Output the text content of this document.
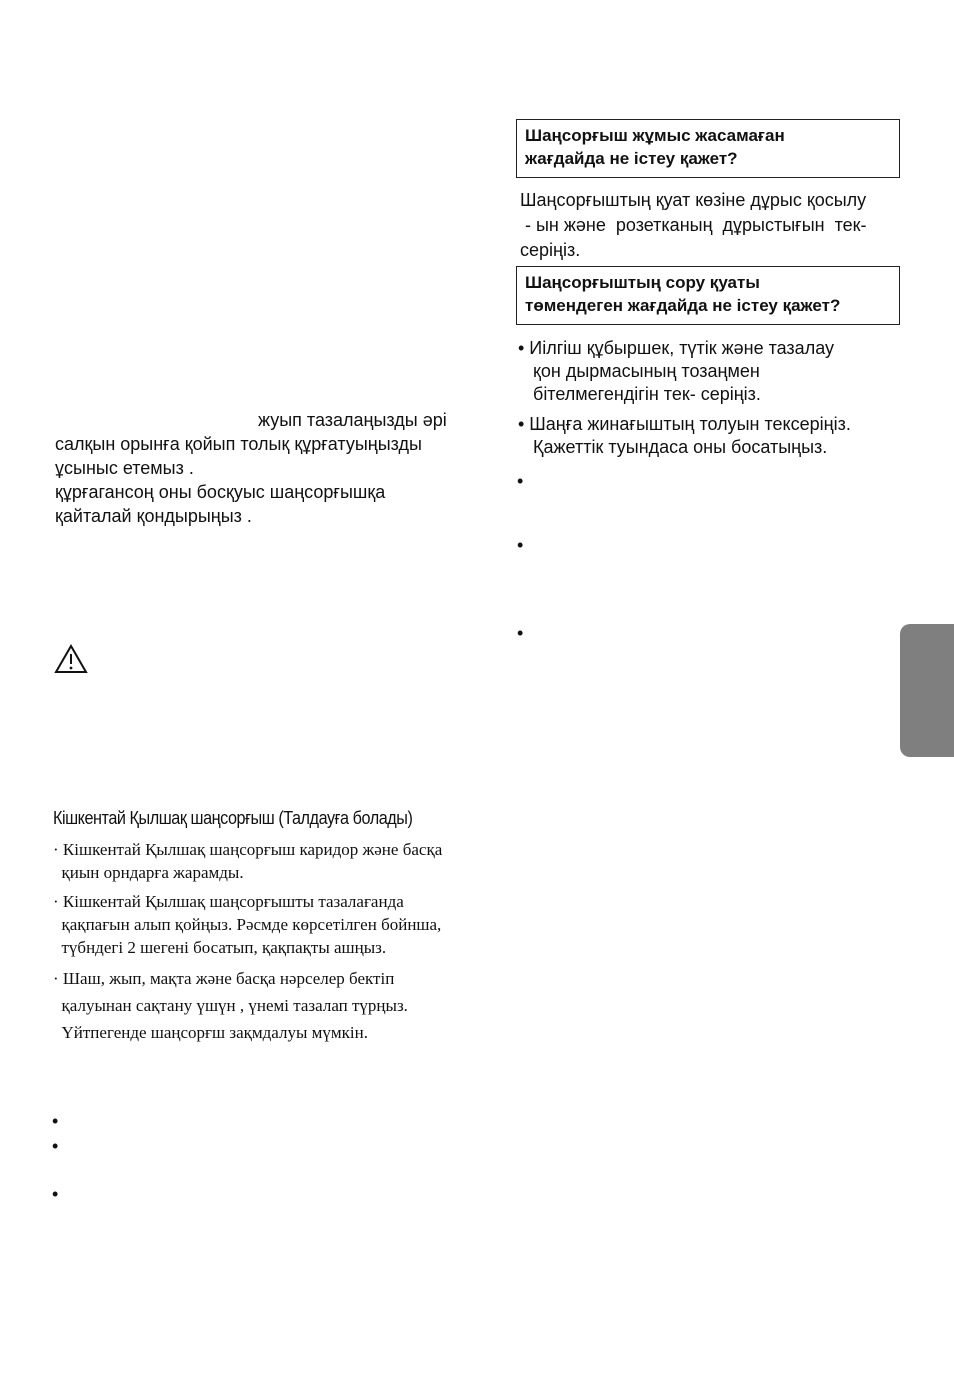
жуып тазалаңызды әрі
салқын орынға қойып толық құрғатуыңызды
ұсыныс етемыз .
құрғагансоң оны босқуыс шаңсорғышқа
қайталай қондырыңыз .
Кішкентай Қылшақ шаңсорғыш (Талдауға болады)
· Кішкентай Қылшақ шаңсорғыш каридор және басқа
қиын орндарға жарамды.
· Кішкентай Қылшақ шаңсорғышты тазалағанда
қақпағын алып қойңыз. Рәсмде көрсетілген бойнша,
түбндегі 2 шегені босатып, қақпақты ашңыз.
· Шаш, жып, мақта және басқа нәрселер бектіп
қалуынан сақтану үшүн , үнемі тазалап түрңыз.
Үйтпегенде шаңсорғш зақмдалуы мүмкін.
•
•
•
Шаңсорғыш жұмыс жасамаған
жағдайда не істеу қажет?
Шаңсорғыштың қуат көзіне дұрыс қосылу
- ын және  розетканың  дұрыстығын  тек-
серіңіз.
Шаңсорғыштың сору қуаты
төмендеген жағдайда не істеу қажет?
• Иілгіш құбыршек, түтік және тазалау
қон дырмасының тозаңмен
бітелмегендігін тек- серіңіз.
• Шаңға жинағыштың толуын тексеріңіз.
Қажеттік туындаса оны босатыңыз.
•
•
•
